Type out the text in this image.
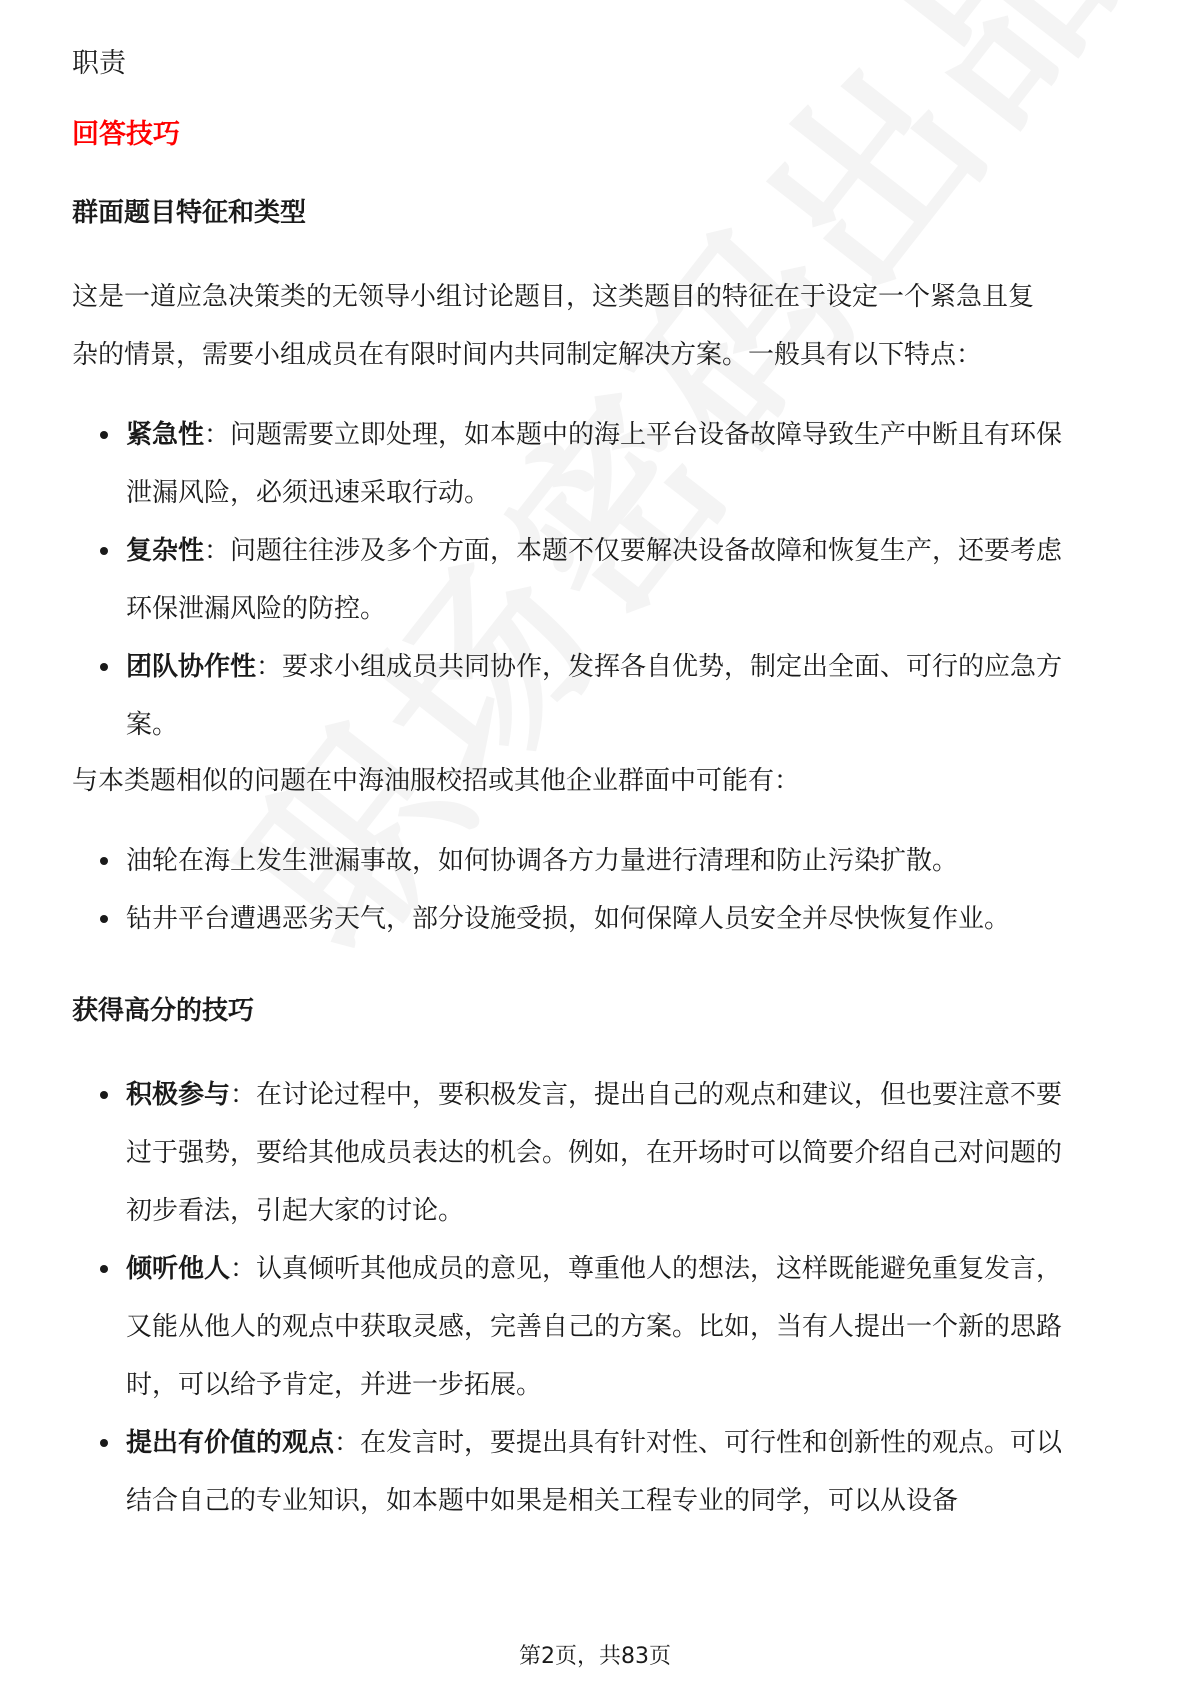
职责
回答技巧
群面题目特征和类型
这是一道应急决策类的无领导小组讨论题目，这类题目的特征在于设定一个紧急且复杂的情景，需要小组成员在有限时间内共同制定解决方案。一般具有以下特点：
紧急性：问题需要立即处理，如本题中的海上平台设备故障导致生产中断且有环保泄漏风险，必须迅速采取行动。
复杂性：问题往往涉及多个方面，本题不仅要解决设备故障和恢复生产，还要考虑环保泄漏风险的防控。
团队协作性：要求小组成员共同协作，发挥各自优势，制定出全面、可行的应急方案。
与本类题相似的问题在中海油服校招或其他企业群面中可能有：
油轮在海上发生泄漏事故，如何协调各方力量进行清理和防止污染扩散。
钻井平台遭遇恶劣天气，部分设施受损，如何保障人员安全并尽快恢复作业。
获得高分的技巧
积极参与：在讨论过程中，要积极发言，提出自己的观点和建议，但也要注意不要过于强势，要给其他成员表达的机会。例如，在开场时可以简要介绍自己对问题的初步看法，引起大家的讨论。
倾听他人：认真倾听其他成员的意见，尊重他人的想法，这样既能避免重复发言，又能从他人的观点中获取灵感，完善自己的方案。比如，当有人提出一个新的思路时，可以给予肯定，并进一步拓展。
提出有价值的观点：在发言时，要提出具有针对性、可行性和创新性的观点。可以结合自己的专业知识，如本题中如果是相关工程专业的同学，可以从设备
第2页，共83页
